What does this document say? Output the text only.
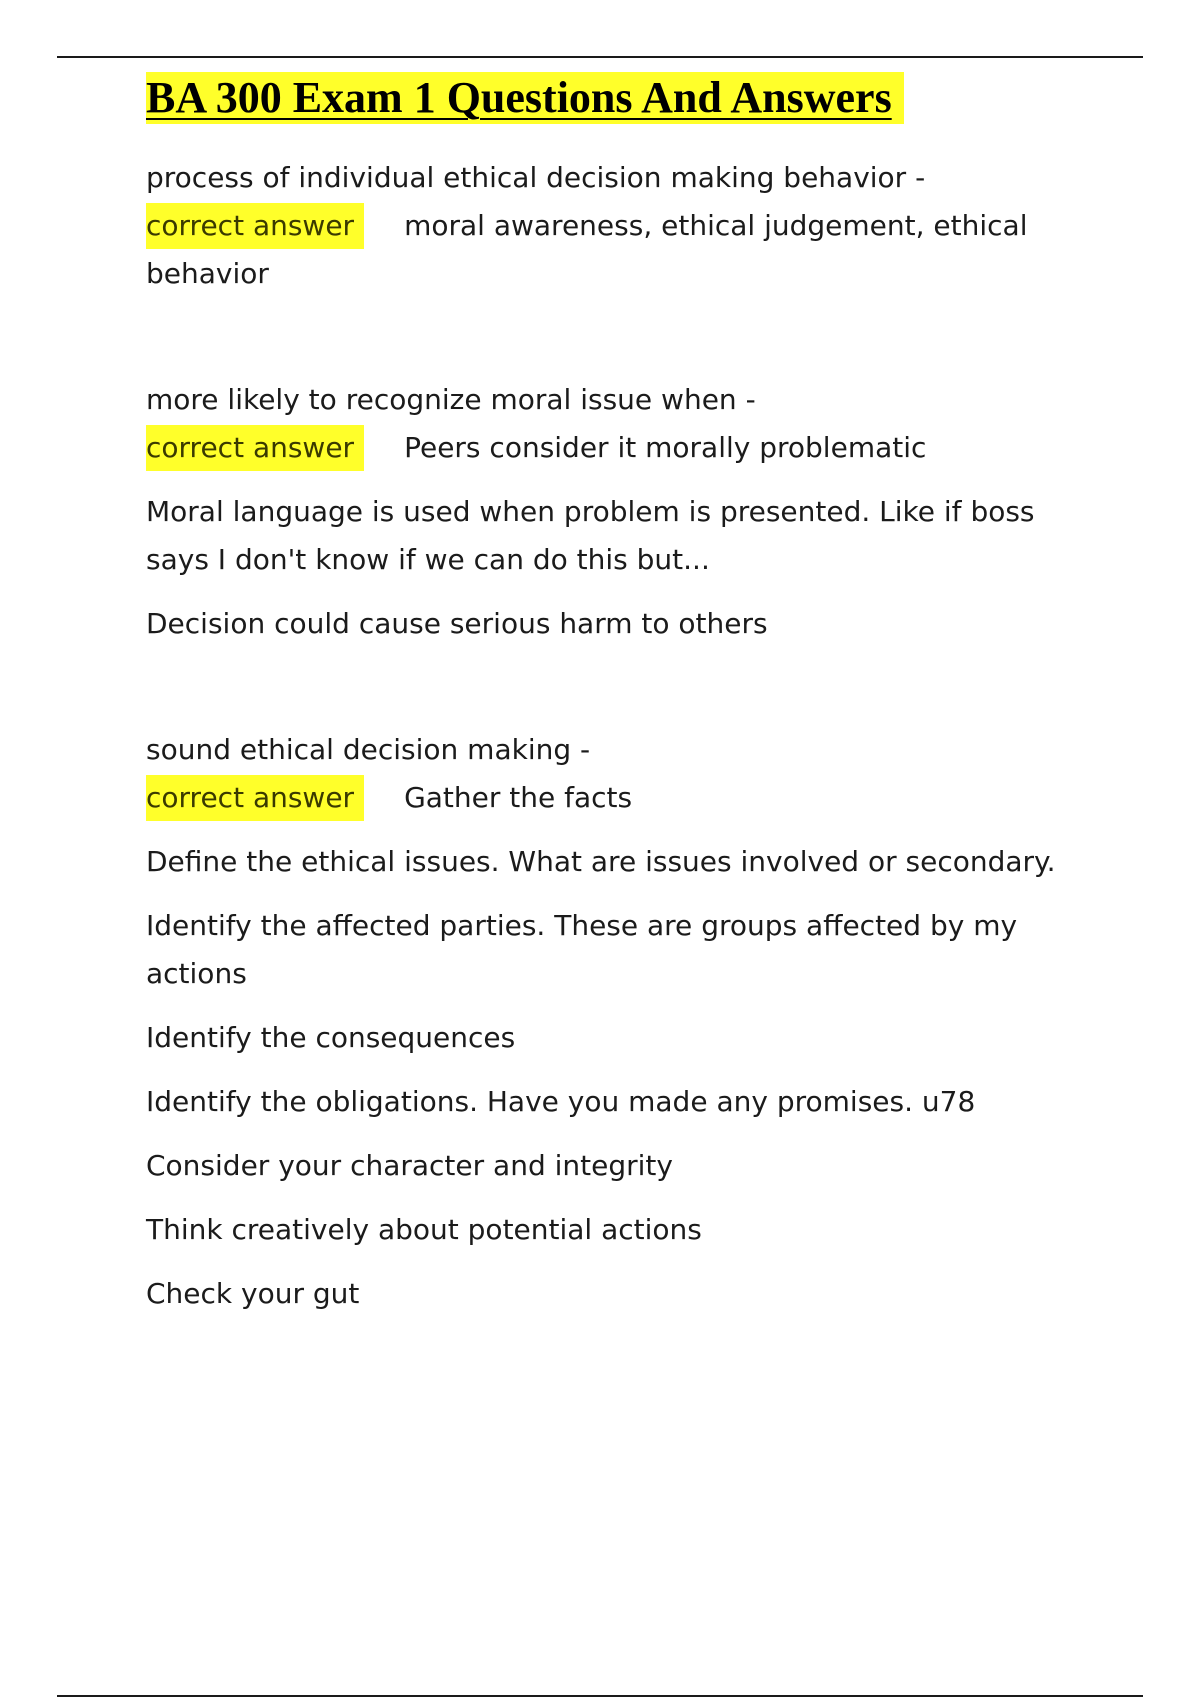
BA 300 Exam 1 Questions And Answers

process of individual ethical decision making behavior -

correct answer moral awareness, ethical judgement, ethical behavior

more likely to recognize moral issue when -

correct answer Peers consider it morally problematic

Moral language is used when problem is presented. Like if boss says I don't know if we can do this but...

Decision could cause serious harm to others

sound ethical decision making -

correct answer Gather the facts

Define the ethical issues. What are issues involved or secondary.

Identify the affected parties. These are groups affected by my actions

Identify the consequences

Identify the obligations. Have you made any promises. u78

Consider your character and integrity

Think creatively about potential actions

Check your gut
